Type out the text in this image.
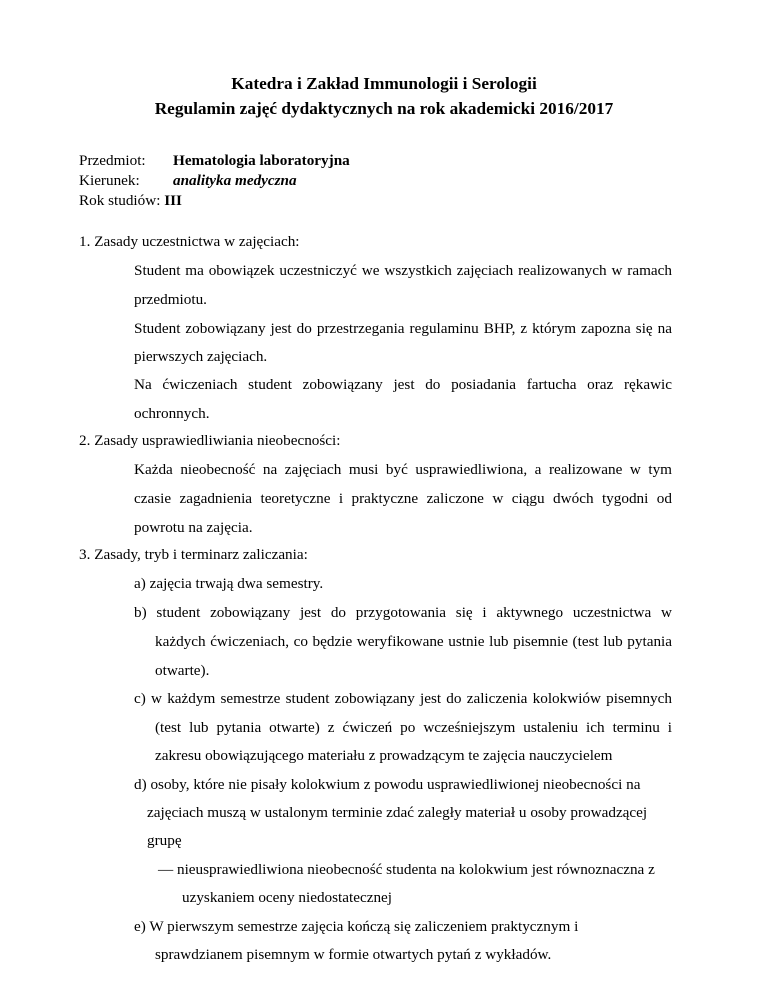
Katedra i Zakład Immunologii i Serologii
Regulamin zajęć dydaktycznych na rok akademicki 2016/2017
Przedmiot: Hematologia laboratoryjna
Kierunek: analityka medyczna
Rok studiów: III
1. Zasady uczestnictwa w zajęciach:
Student ma obowiązek uczestniczyć we wszystkich zajęciach realizowanych w ramach
przedmiotu.
Student zobowiązany jest do przestrzegania regulaminu BHP, z którym zapozna się na
pierwszych zajęciach.
Na ćwiczeniach student zobowiązany jest do posiadania fartucha oraz rękawic
ochronnych.
2. Zasady usprawiedliwiania nieobecności:
Każda nieobecność na zajęciach musi być usprawiedliwiona, a realizowane w tym
czasie zagadnienia teoretyczne i praktyczne zaliczone w ciągu dwóch tygodni od
powrotu na zajęcia.
3. Zasady, tryb i terminarz zaliczania:
a) zajęcia trwają dwa semestry.
b) student zobowiązany jest do przygotowania się i aktywnego uczestnictwa w
każdych ćwiczeniach, co będzie weryfikowane ustnie lub pisemnie (test lub pytania
otwarte).
c) w każdym semestrze student zobowiązany jest do zaliczenia kolokwiów pisemnych
(test lub pytania otwarte) z ćwiczeń po wcześniejszym ustaleniu ich terminu i
zakresu obowiązującego materiału z prowadzącym te zajęcia nauczycielem
d) osoby, które nie pisały kolokwium z powodu usprawiedliwionej nieobecności na
zajęciach muszą w ustalonym terminie zdać zaległy materiał u osoby prowadzącej
grupę
— nieusprawiedliwiona nieobecność studenta na kolokwium jest równoznaczna z
uzyskaniem oceny niedostatecznej
e) W pierwszym semestrze zajęcia kończą się zaliczeniem praktycznym i
sprawdzianem pisemnym w formie otwartych pytań z wykładów.
